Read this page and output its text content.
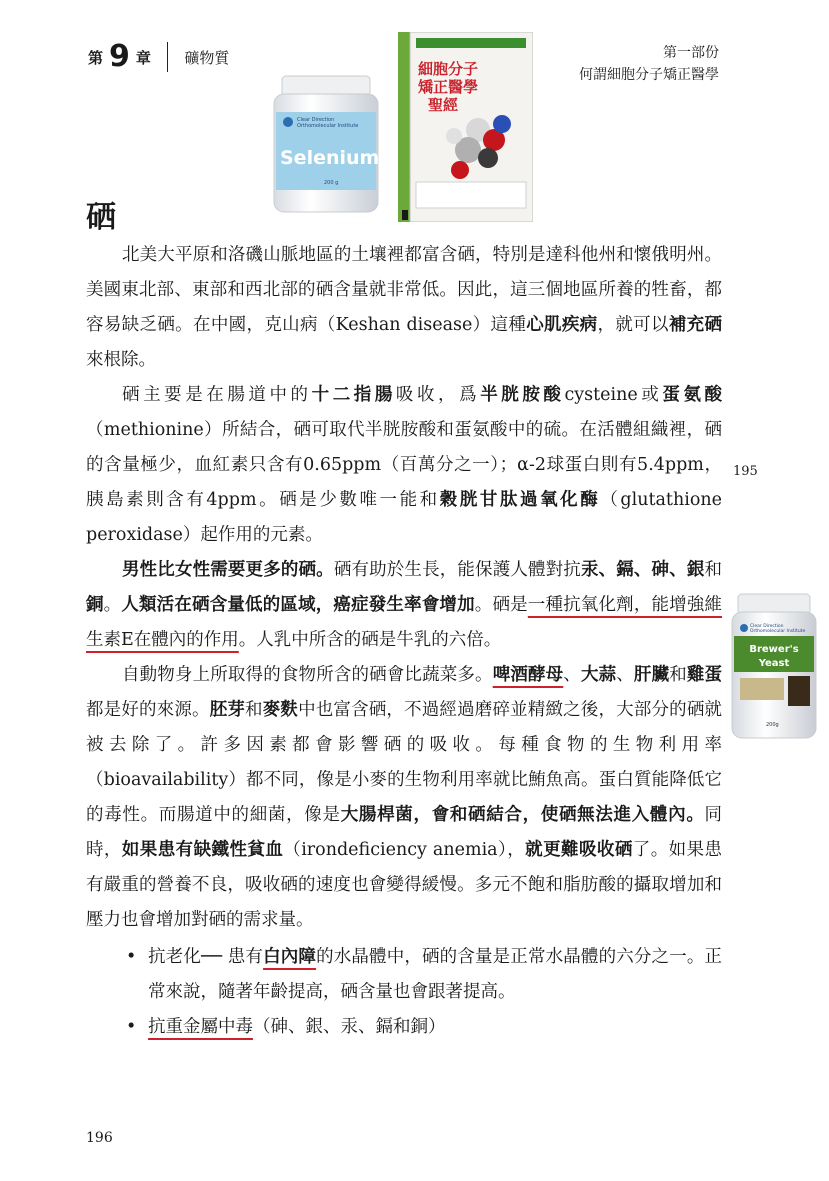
第 9 章 礦物質	第一部份
何謂細胞分子矯正醫學
Clear Direction
Orthomolecular Institute
Selenium
200 g
細胞分子
矯正醫學
聖經
硒
195
Clear Direction
Orthomolecular Institute
Brewer's
Yeast
200g

北美大平原和洛磯山脈地區的土壤裡都富含硒，特別是達科他州和懷俄明州。美國東北部、東部和西北部的硒含量就非常低。因此，這三個地區所養的牲畜，都容易缺乏硒。在中國，克山病（Keshan disease）這種心肌疾病，就可以補充硒來根除。

硒主要是在腸道中的十二指腸吸收，爲半胱胺酸cysteine或蛋氨酸（methionine）所結合，硒可取代半胱胺酸和蛋氨酸中的硫。在活體組織裡，硒的含量極少，血紅素只含有0.65ppm（百萬分之一）；α-2球蛋白則有5.4ppm，胰島素則含有4ppm。硒是少數唯一能和穀胱甘肽過氧化酶（glutathione peroxidase）起作用的元素。

男性比女性需要更多的硒。硒有助於生長，能保護人體對抗汞、鎘、砷、銀和銅。人類活在硒含量低的區域，癌症發生率會增加。硒是一種抗氧化劑，能增強維生素E在體內的作用。人乳中所含的硒是牛乳的六倍。

自動物身上所取得的食物所含的硒會比蔬菜多。啤酒酵母、大蒜、肝臟和雞蛋都是好的來源。胚芽和麥麩中也富含硒，不過經過磨碎並精緻之後，大部分的硒就被去除了。許多因素都會影響硒的吸收。每種食物的生物利用率（bioavailability）都不同，像是小麥的生物利用率就比鮪魚高。蛋白質能降低它的毒性。而腸道中的細菌，像是大腸桿菌，會和硒結合，使硒無法進入體內。同時，如果患有缺鐵性貧血（irondeficiency anemia），就更難吸收硒了。如果患有嚴重的營養不良，吸收硒的速度也會變得緩慢。多元不飽和脂肪酸的攝取增加和壓力也會增加對硒的需求量。

• 抗老化── 患有白內障的水晶體中，硒的含量是正常水晶體的六分之一。正常來說，隨著年齡提高，硒含量也會跟著提高。
• 抗重金屬中毒（砷、銀、汞、鎘和銅）
196
